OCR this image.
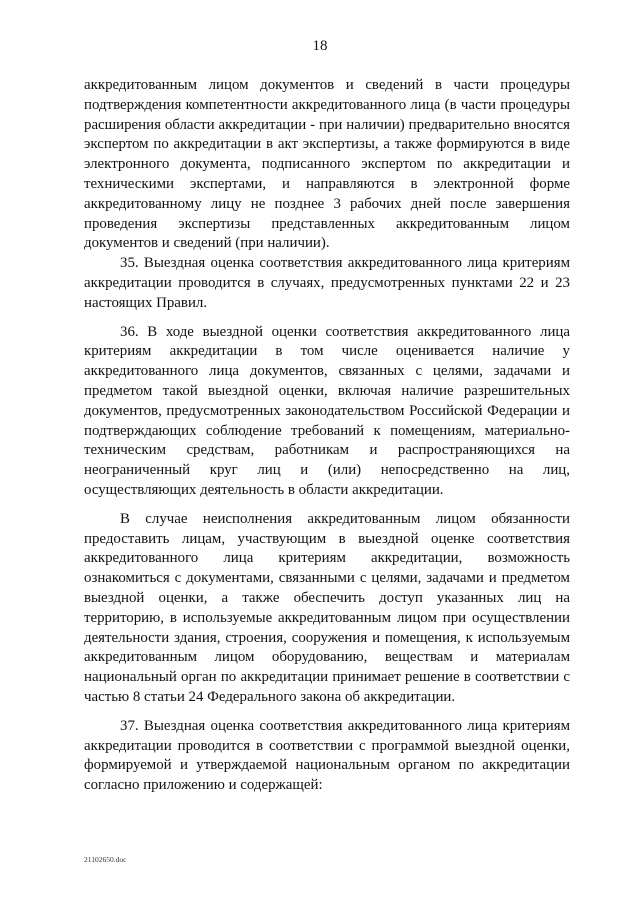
18

аккредитованным лицом документов и сведений в части процедуры подтверждения компетентности аккредитованного лица (в части процедуры расширения области аккредитации - при наличии) предварительно вносятся экспертом по аккредитации в акт экспертизы, а также формируются в виде электронного документа, подписанного экспертом по аккредитации и техническими экспертами, и направляются в электронной форме аккредитованному лицу не позднее 3 рабочих дней после завершения проведения экспертизы представленных аккредитованным лицом документов и сведений (при наличии).

35. Выездная оценка соответствия аккредитованного лица критериям аккредитации проводится в случаях, предусмотренных пунктами 22 и 23 настоящих Правил.

36. В ходе выездной оценки соответствия аккредитованного лица критериям аккредитации в том числе оценивается наличие у аккредитованного лица документов, связанных с целями, задачами и предметом такой выездной оценки, включая наличие разрешительных документов, предусмотренных законодательством Российской Федерации и подтверждающих соблюдение требований к помещениям, материально-техническим средствам, работникам и распространяющихся на неограниченный круг лиц и (или) непосредственно на лиц, осуществляющих деятельность в области аккредитации.

В случае неисполнения аккредитованным лицом обязанности предоставить лицам, участвующим в выездной оценке соответствия аккредитованного лица критериям аккредитации, возможность ознакомиться с документами, связанными с целями, задачами и предметом выездной оценки, а также обеспечить доступ указанных лиц на территорию, в используемые аккредитованным лицом при осуществлении деятельности здания, строения, сооружения и помещения, к используемым аккредитованным лицом оборудованию, веществам и материалам национальный орган по аккредитации принимает решение в соответствии с частью 8 статьи 24 Федерального закона об аккредитации.

37. Выездная оценка соответствия аккредитованного лица критериям аккредитации проводится в соответствии с программой выездной оценки, формируемой и утверждаемой национальным органом по аккредитации согласно приложению и содержащей:

21102650.doc
